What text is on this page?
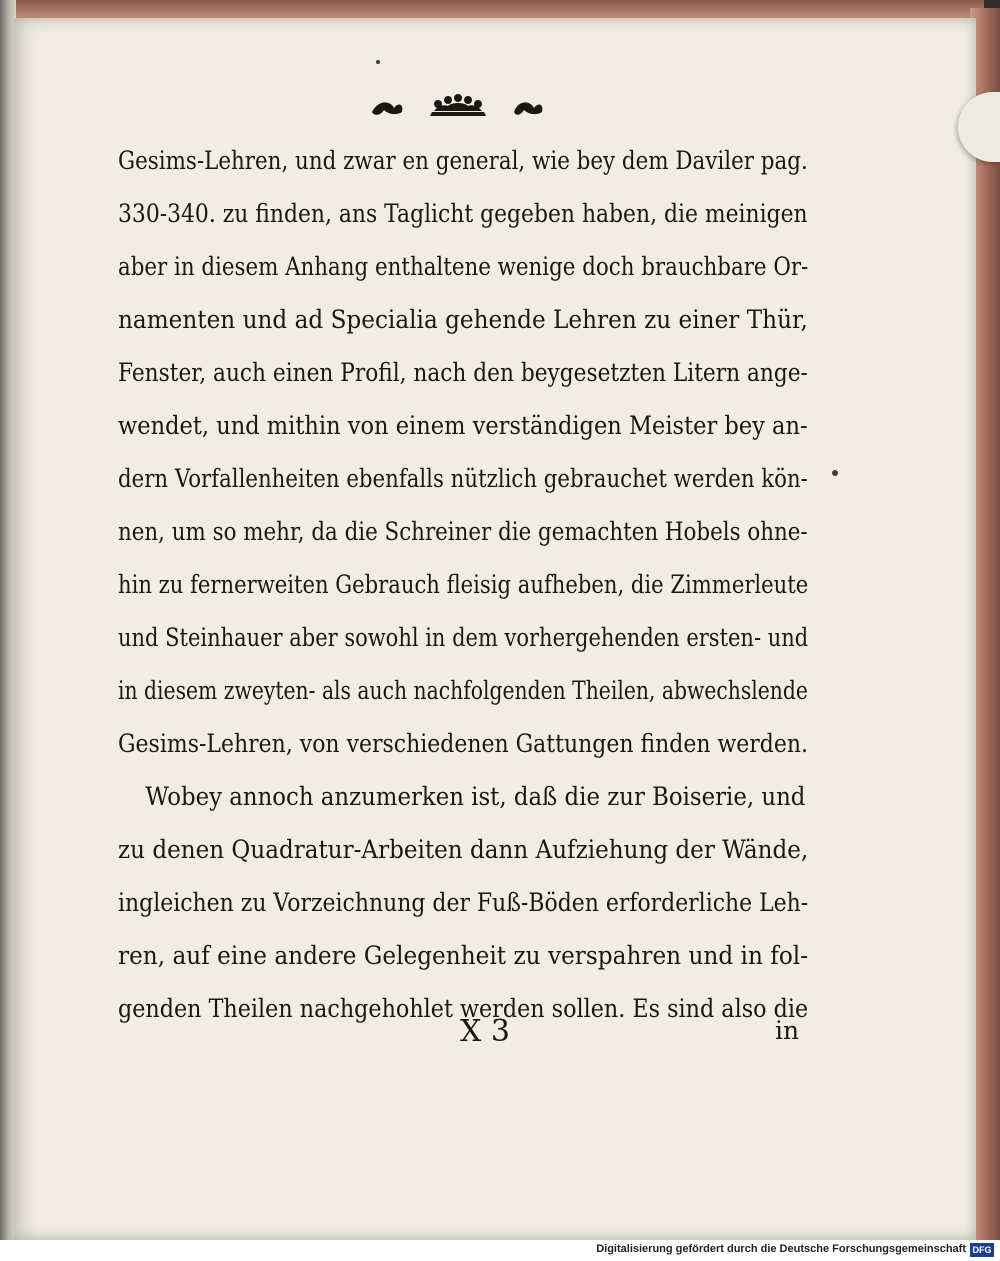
Gesims-Lehren, und zwar en general, wie bey dem Daviler pag.
330-340. zu finden, ans Taglicht gegeben haben, die meinigen
aber in diesem Anhang enthaltene wenige doch brauchbare Or-
namenten und ad Specialia gehende Lehren zu einer Thür,
Fenster, auch einen Profil, nach den beygesetzten Litern ange-
wendet, und mithin von einem verständigen Meister bey an-
dern Vorfallenheiten ebenfalls nützlich gebrauchet werden kön-
nen, um so mehr, da die Schreiner die gemachten Hobels ohne-
hin zu fernerweiten Gebrauch fleisig aufheben, die Zimmerleute
und Steinhauer aber sowohl in dem vorhergehenden ersten- und
in diesem zweyten- als auch nachfolgenden Theilen, abwechslende
Gesims-Lehren, von verschiedenen Gattungen finden werden.
Wobey annoch anzumerken ist, daß die zur Boiserie, und
zu denen Quadratur-Arbeiten dann Aufziehung der Wände,
ingleichen zu Vorzeichnung der Fuß-Böden erforderliche Leh-
ren, auf eine andere Gelegenheit zu verspahren und in fol-
genden Theilen nachgehohlet werden sollen. Es sind also die
X 3	in
Digitalisierung gefördert durch die Deutsche Forschungsgemeinschaft DFG
